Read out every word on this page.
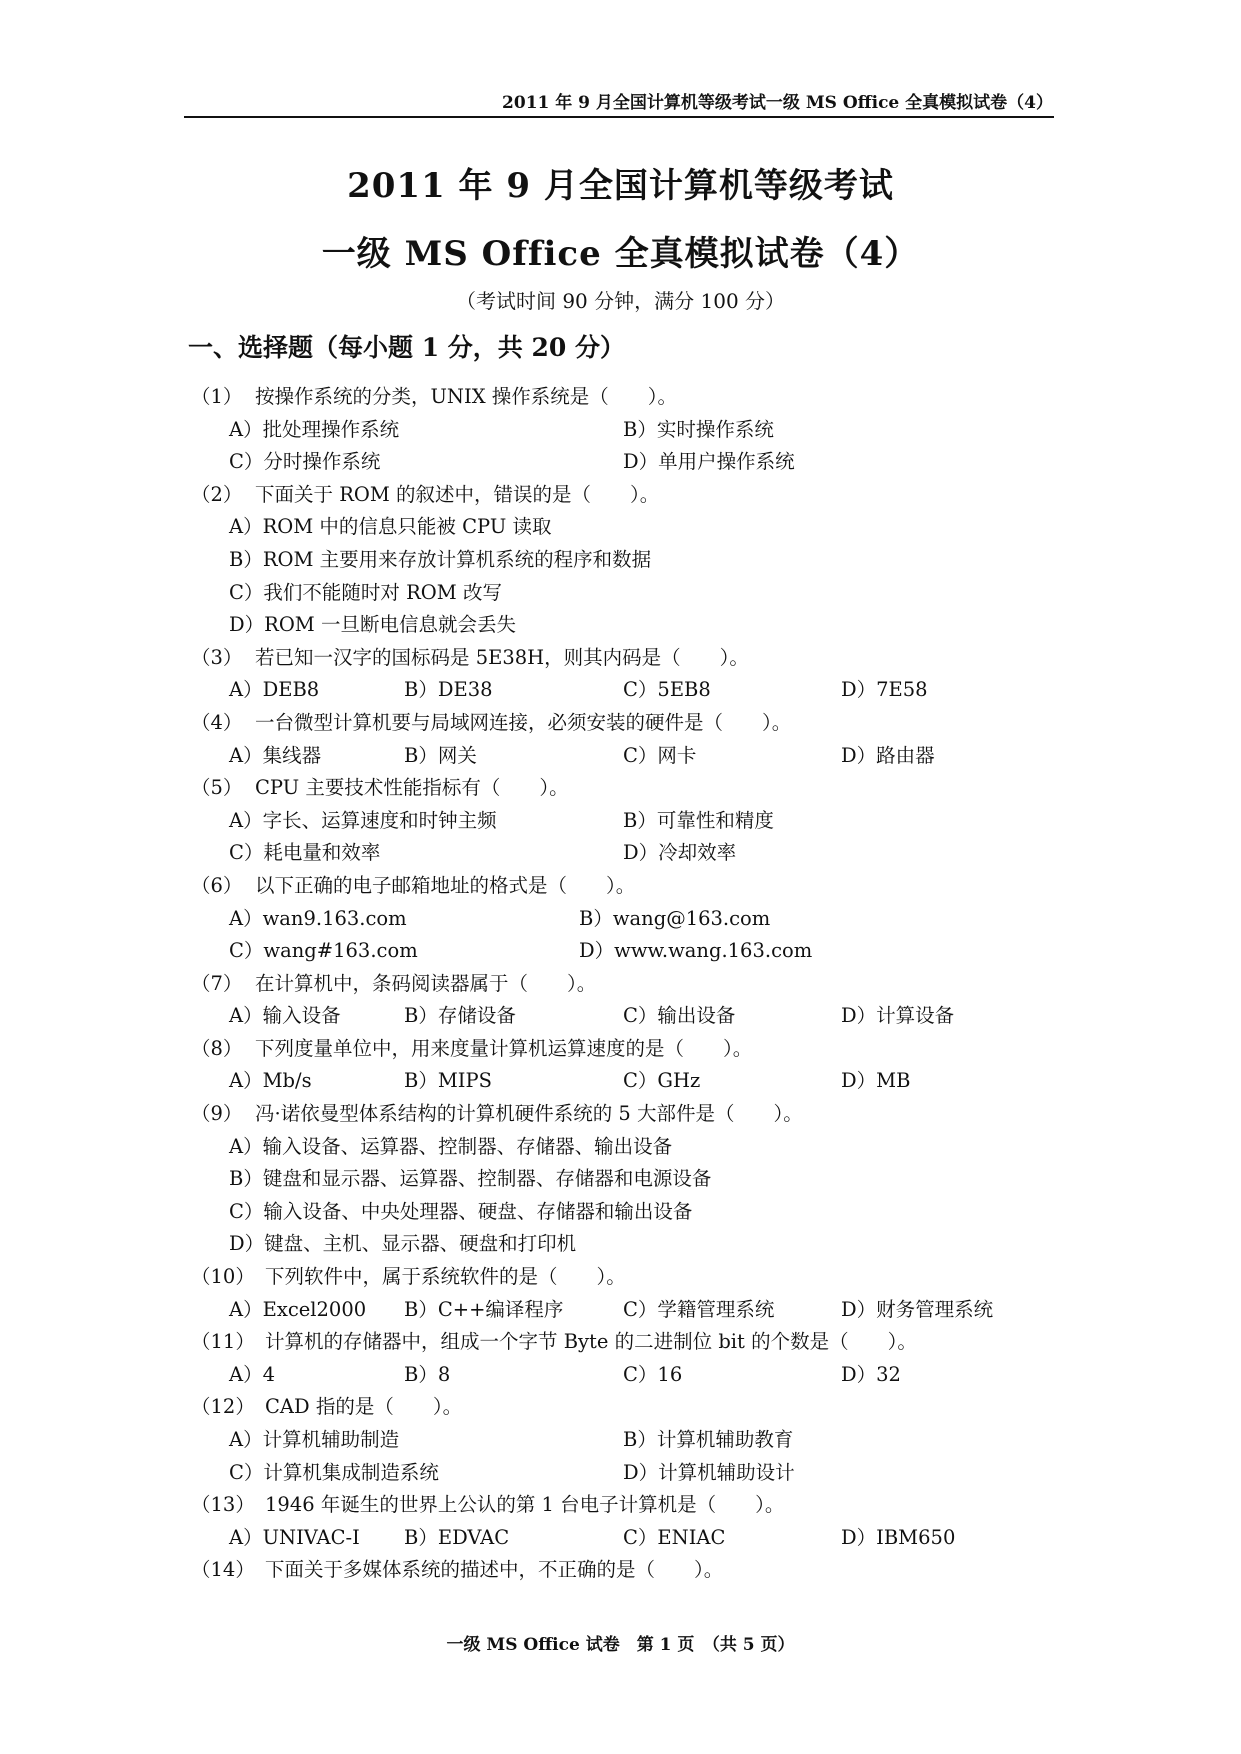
2011 年 9 月全国计算机等级考试一级 MS Office 全真模拟试卷（4）
2011 年 9 月全国计算机等级考试
一级 MS Office 全真模拟试卷（4）
（考试时间 90 分钟，满分 100 分）
一、选择题（每小题 1 分，共 20 分）
（1） 按操作系统的分类，UNIX 操作系统是（　　）。
A）批处理操作系统	B）实时操作系统
C）分时操作系统	D）单用户操作系统
（2） 下面关于 ROM 的叙述中，错误的是（　　）。
A）ROM 中的信息只能被 CPU 读取
B）ROM 主要用来存放计算机系统的程序和数据
C）我们不能随时对 ROM 改写
D）ROM 一旦断电信息就会丢失
（3） 若已知一汉字的国标码是 5E38H，则其内码是（　　）。
A）DEB8	B）DE38	C）5EB8	D）7E58
（4） 一台微型计算机要与局域网连接，必须安装的硬件是（　　）。
A）集线器	B）网关	C）网卡	D）路由器
（5） CPU 主要技术性能指标有（　　）。
A）字长、运算速度和时钟主频	B）可靠性和精度
C）耗电量和效率	D）冷却效率
（6） 以下正确的电子邮箱地址的格式是（　　）。
A）wan9.163.com	B）wang@163.com
C）wang#163.com	D）www.wang.163.com
（7） 在计算机中，条码阅读器属于（　　）。
A）输入设备	B）存储设备	C）输出设备	D）计算设备
（8） 下列度量单位中，用来度量计算机运算速度的是（　　）。
A）Mb/s	B）MIPS	C）GHz	D）MB
（9） 冯·诺依曼型体系结构的计算机硬件系统的 5 大部件是（　　）。
A）输入设备、运算器、控制器、存储器、输出设备
B）键盘和显示器、运算器、控制器、存储器和电源设备
C）输入设备、中央处理器、硬盘、存储器和输出设备
D）键盘、主机、显示器、硬盘和打印机
（10） 下列软件中，属于系统软件的是（　　）。
A）Excel2000 B）C++编译程序	C）学籍管理系统	D）财务管理系统
（11） 计算机的存储器中，组成一个字节 Byte 的二进制位 bit 的个数是（　　）。
A）4	B）8	C）16	D）32
（12） CAD 指的是（　　）。
A）计算机辅助制造	B）计算机辅助教育
C）计算机集成制造系统	D）计算机辅助设计
（13） 1946 年诞生的世界上公认的第 1 台电子计算机是（　　）。
A）UNIVAC-I B）EDVAC	C）ENIAC	D）IBM650
（14） 下面关于多媒体系统的描述中，不正确的是（　　）。
一级 MS Office 试卷　第 1 页　（共 5 页）
